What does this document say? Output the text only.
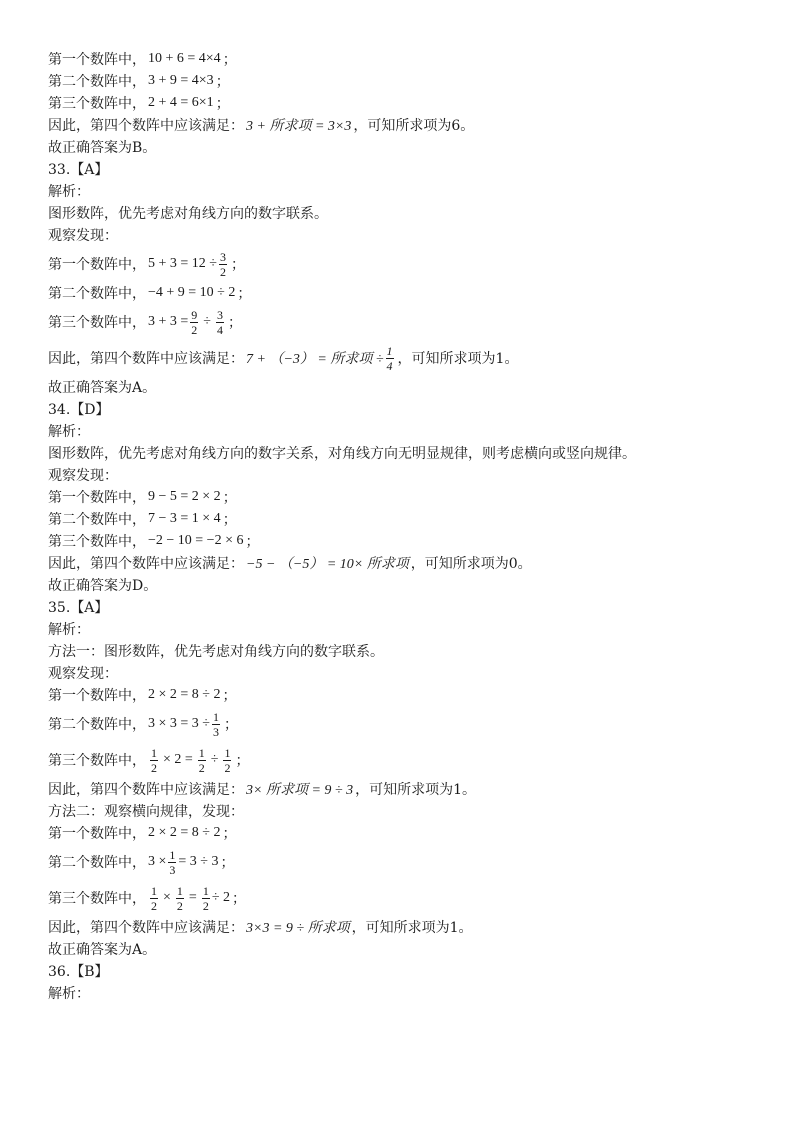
第一个数阵中， 10 + 6 = 4×4 ；
第二个数阵中， 3 + 9 = 4×3 ；
第三个数阵中， 2 + 4 = 6×1 ；
因此，第四个数阵中应该满足： 3 + 所求项 = 3×3 ，可知所求项为6。
故正确答案为B。
33.【A】
解析：
图形数阵，优先考虑对角线方向的数字联系。
观察发现：
第一个数阵中， $5 + 3 = 12 \div \frac{3}{2}$ ；
第二个数阵中， −4 + 9 = 10 ÷ 2 ；
第三个数阵中， $3 + 3 = \frac{9}{2} \div \frac{3}{4}$ ；
因此，第四个数阵中应该满足： 7 + （−3） = 所求项 ÷ $\frac{1}{4}$ ，可知所求项为1。
故正确答案为A。
34.【D】
解析：
图形数阵，优先考虑对角线方向的数字关系，对角线方向无明显规律，则考虑横向或竖向规律。
观察发现：
第一个数阵中， 9 − 5 = 2 × 2 ；
第二个数阵中， 7 − 3 = 1 × 4 ；
第三个数阵中， −2 − 10 = −2 × 6 ；
因此，第四个数阵中应该满足： −5 − （−5） = 10× 所求项 ，可知所求项为0。
故正确答案为D。
35.【A】
解析：
方法一：图形数阵，优先考虑对角线方向的数字联系。
观察发现：
第一个数阵中， 2 × 2 = 8 ÷ 2 ；
第二个数阵中， $3 \times 3 = 3 \div \frac{1}{3}$ ；
第三个数阵中， $\frac{1}{2} \times 2 = \frac{1}{2} \div \frac{1}{2}$ ；
因此，第四个数阵中应该满足： 3× 所求项 = 9 ÷ 3 ，可知所求项为1。
方法二：观察横向规律，发现：
第一个数阵中， 2 × 2 = 8 ÷ 2 ；
第二个数阵中， $3 \times \frac{1}{3} = 3 \div 3$ ；
第三个数阵中， $\frac{1}{2} \times \frac{1}{2} = \frac{1}{2} \div 2$ ；
因此，第四个数阵中应该满足： 3×3 = 9 ÷ 所求项 ，可知所求项为1。
故正确答案为A。
36.【B】
解析：
